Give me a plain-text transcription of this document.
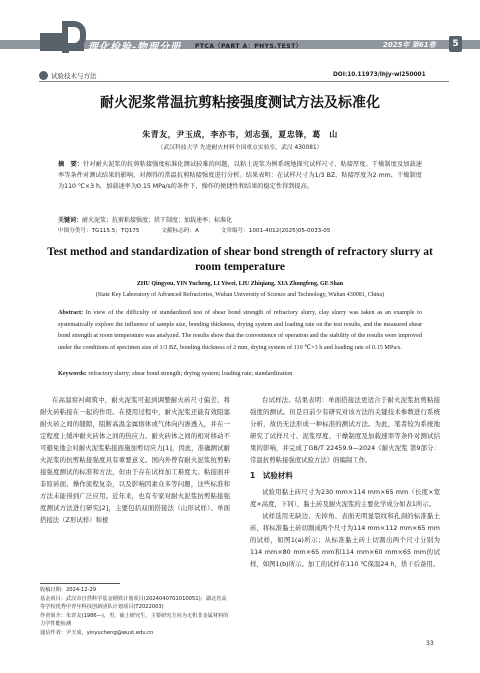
理化检验-物理分册 PTCA（PART A：PHYS.TEST）	2025年 第61卷	5
试验技术与方法	DOI:10.11973/lhjy-wl250001
耐火泥浆常温抗剪粘接强度测试方法及标准化
朱青友，尹玉成，李亦韦，刘志强，夏忠锋，葛　山
（武汉科技大学 先进耐火材料全国重点实验室，武汉 430081）
摘　要：针对耐火泥浆的抗剪粘接强度标准化测试较难的问题，以粘土泥浆为例系统地探究试样尺寸、粘接厚度、干燥制度及加载速率等条件对测试结果的影响，对测得的常温抗剪粘接强度进行分析。结果表明：在试样尺寸为1/3 BZ，粘接厚度为2 mm，干燥制度为110 ℃×3 h，加载速率为0.15 MPa/s的条件下，操作的便捷性和结果的稳定性得到提高。
关键词：耐火泥浆；抗剪粘接强度；烘干制度；加载速率；标准化
中图分类号：TG115.5；TQ175	文献标志码：A	文章编号：1001-4012(2025)05-0033-05
Test method and standardization of shear bond strength of refractory slurry at room temperature
ZHU Qingyou, YIN Yucheng, LI Yiwei, LIU Zhiqiang, XIA Zhongfeng, GE Shan
(State Key Laboratory of Advanced Refractories, Wuhan University of Science and Technology, Wuhan 430081, China)
Abstract: In view of the difficulty of standardized test of shear bond strength of refractory slurry, clay slurry was taken as an example to systematically explore the influence of sample size, bonding thickness, drying system and loading rate on the test results, and the measured shear bond strength at room temperature was analyzed. The results show that the convenience of operation and the stability of the results were improved under the conditions of specimen size of 1/3 BZ, bonding thickness of 2 mm, drying system of 110 ℃×3 h and loading rate of 0.15 MPa/s.
Keywords: refractory slurry; shear bond strength; drying system; loading rate; standardization

在高温窑衬砌筑中，耐火泥浆可起到调整耐火砖尺寸偏差、将耐火砖粘接在一起的作用。在使用过程中，耐火泥浆还能有效阻塞耐火砖之间的缝隙，阻断高温金属熔体或气体向内渗透入，并在一定程度上缓冲耐火砖体之间的热应力。耐火砖体之间的相对移动不可避免地会对耐火泥浆粘接面施加剪切应力[1]，因此，准确测试耐火泥浆的抗剪粘接强度具有重要意义。国内外曾有耐火泥浆抗剪粘接强度测试的标准和方法，但由于存在试样加工难度大、粘接面并非原砖面、操作流程复杂，以及影响因素众多等问题，这些标准和方法未能得到广泛应用。近年来，也有专家对耐火泥浆抗剪粘接强度测试方法进行研究[2]，主要包括双面搭接法（山形试样）、单面搭接法（Z形试样）和棱

台试样法。结果表明：单面搭接法更适合于耐火泥浆抗剪粘接强度的测试。但是目前少有研究对该方法的关键技术参数进行系统分析，故仍无法形成一种标准的测试方法。为此，笔者较为系统地研究了试样尺寸、泥浆厚度、干燥制度及加载速率等条件对测试结果的影响，并完成了GB/T 22459.9—2024《耐火泥浆 第9部分：常温抗剪粘接强度试验方法》的编制工作。

1　试验材料

试验用黏土砖尺寸为230 mm×114 mm×65 mm（长度×宽度×高度，下同），黏土砖及耐火泥浆的主要化学成分如表1所示。

试样选用无缺边、无掉角、表面无明显裂纹和孔洞的标准黏土砖，将标准黏土砖切割成两个尺寸为114 mm×112 mm×65 mm的试样，如图1(a)所示；从标准黏土砖上切割出两个尺寸分别为114 mm×80 mm×65 mm和114 mm×60 mm×65 mm的试样，如图1(b)所示。加工的试样在110 ℃保温24 h，烘干后备用。

收稿日期：2024-12-29

基金项目：武汉市自然科学基金钢铁计划项目(2024040701010051)；湖北省高等学校优秀中青年科技创新团队计划项目(T2022003)

作者简介：朱青友(1986—)，男，硕士研究生，主要研究方向为无机非金属材料的力学性能检测

通信作者：尹玉成，yinyucheng@wust.edu.cn

33
